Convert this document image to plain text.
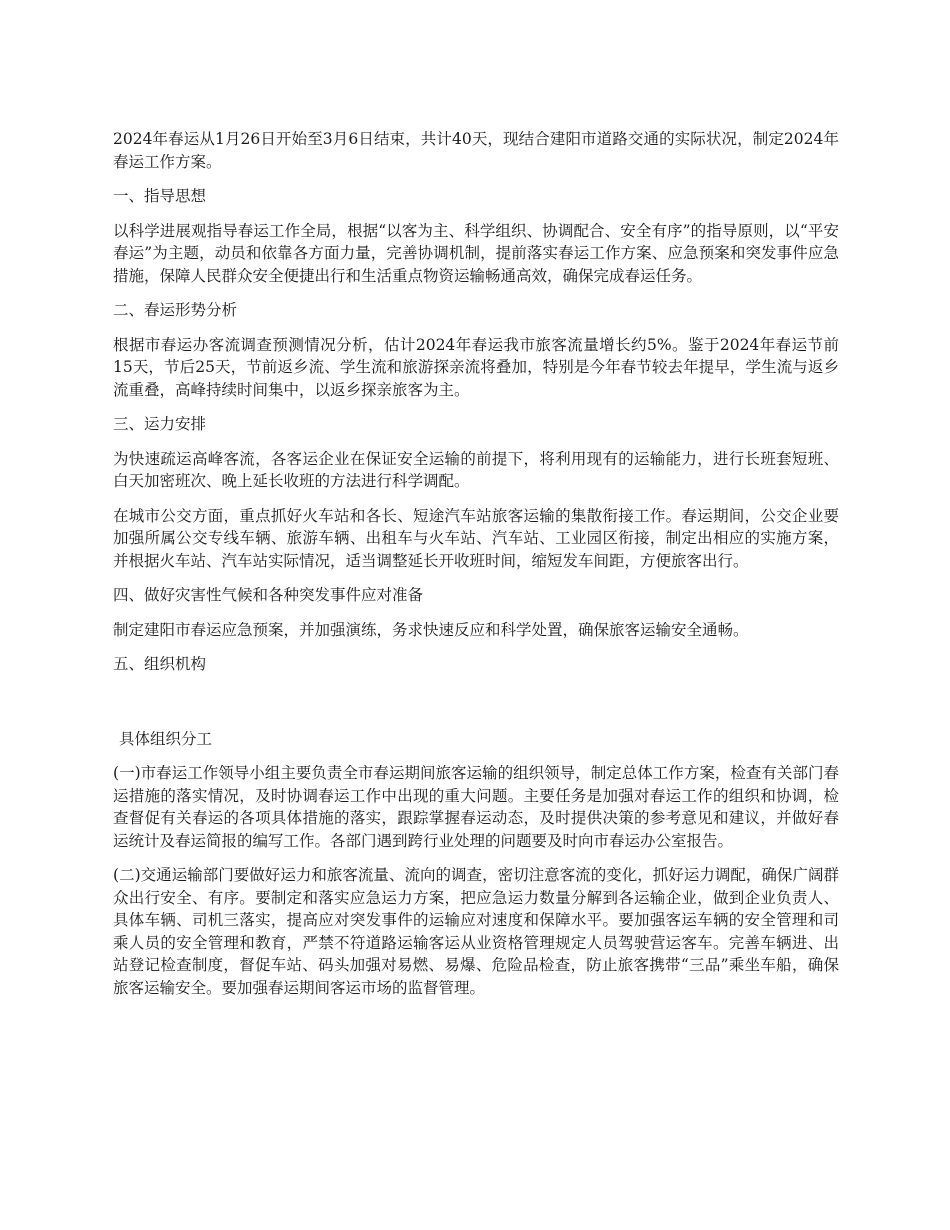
2024年春运从1月26日开始至3月6日结束，共计40天，现结合建阳市道路交通的实际状况，制定2024年春运工作方案。

一、指导思想

以科学进展观指导春运工作全局，根据“以客为主、科学组织、协调配合、安全有序”的指导原则，以“平安春运”为主题，动员和依靠各方面力量，完善协调机制，提前落实春运工作方案、应急预案和突发事件应急措施，保障人民群众安全便捷出行和生活重点物资运输畅通高效，确保完成春运任务。

二、春运形势分析

根据市春运办客流调查预测情况分析，估计2024年春运我市旅客流量增长约5%。鉴于2024年春运节前15天，节后25天，节前返乡流、学生流和旅游探亲流将叠加，特别是今年春节较去年提早，学生流与返乡流重叠，高峰持续时间集中，以返乡探亲旅客为主。

三、运力安排

为快速疏运高峰客流，各客运企业在保证安全运输的前提下，将利用现有的运输能力，进行长班套短班、白天加密班次、晚上延长收班的方法进行科学调配。

在城市公交方面，重点抓好火车站和各长、短途汽车站旅客运输的集散衔接工作。春运期间，公交企业要加强所属公交专线车辆、旅游车辆、出租车与火车站、汽车站、工业园区衔接，制定出相应的实施方案，并根据火车站、汽车站实际情况，适当调整延长开收班时间，缩短发车间距，方便旅客出行。

四、做好灾害性气候和各种突发事件应对准备

制定建阳市春运应急预案，并加强演练，务求快速反应和科学处置，确保旅客运输安全通畅。

五、组织机构

具体组织分工

(一)市春运工作领导小组主要负责全市春运期间旅客运输的组织领导，制定总体工作方案，检查有关部门春运措施的落实情况，及时协调春运工作中出现的重大问题。主要任务是加强对春运工作的组织和协调，检查督促有关春运的各项具体措施的落实，跟踪掌握春运动态，及时提供决策的参考意见和建议，并做好春运统计及春运简报的编写工作。各部门遇到跨行业处理的问题要及时向市春运办公室报告。

(二)交通运输部门要做好运力和旅客流量、流向的调查，密切注意客流的变化，抓好运力调配，确保广阔群众出行安全、有序。要制定和落实应急运力方案，把应急运力数量分解到各运输企业，做到企业负责人、具体车辆、司机三落实，提高应对突发事件的运输应对速度和保障水平。要加强客运车辆的安全管理和司乘人员的安全管理和教育，严禁不符道路运输客运从业资格管理规定人员驾驶营运客车。完善车辆进、出站登记检查制度，督促车站、码头加强对易燃、易爆、危险品检查，防止旅客携带“三品”乘坐车船，确保旅客运输安全。要加强春运期间客运市场的监督管理。
